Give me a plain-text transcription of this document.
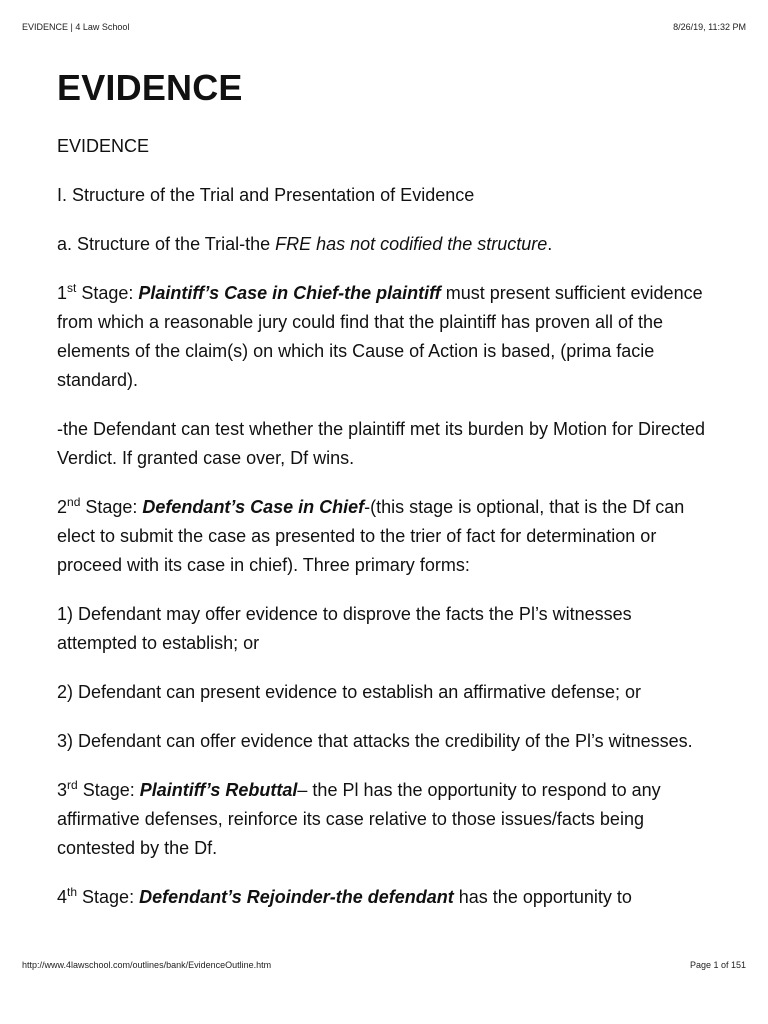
EVIDENCE | 4 Law School	8/26/19, 11:32 PM
EVIDENCE

EVIDENCE

I. Structure of the Trial and Presentation of Evidence

a. Structure of the Trial-the FRE has not codified the structure.

1st Stage: Plaintiff’s Case in Chief-the plaintiff must present sufficient evidence from which a reasonable jury could find that the plaintiff has proven all of the elements of the claim(s) on which its Cause of Action is based, (prima facie standard).

-the Defendant can test whether the plaintiff met its burden by Motion for Directed Verdict. If granted case over, Df wins.

2nd Stage: Defendant’s Case in Chief-(this stage is optional, that is the Df can elect to submit the case as presented to the trier of fact for determination or proceed with its case in chief). Three primary forms:

1) Defendant may offer evidence to disprove the facts the Pl’s witnesses attempted to establish; or

2) Defendant can present evidence to establish an affirmative defense; or

3) Defendant can offer evidence that attacks the credibility of the Pl’s witnesses.

3rd Stage: Plaintiff’s Rebuttal– the Pl has the opportunity to respond to any affirmative defenses, reinforce its case relative to those issues/facts being contested by the Df.

4th Stage: Defendant’s Rejoinder-the defendant has the opportunity to

http://www.4lawschool.com/outlines/bank/EvidenceOutline.htm	Page 1 of 151
